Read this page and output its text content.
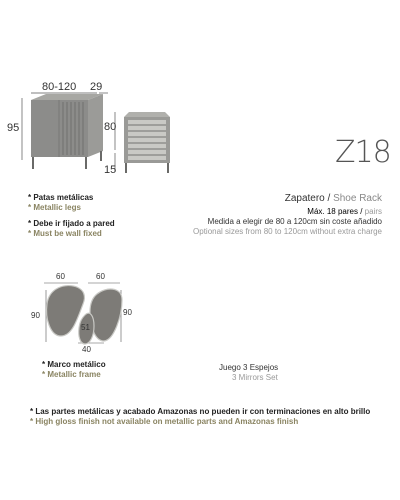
80-120 29
95	80
15	Z18
* Patas metálicas
* Metallic legs
* Debe ir fijado a pared
* Must be wall fixed
Zapatero / Shoe Rack
Máx. 18 pares / pairs
Medida a elegir de 80 a 120cm sin coste añadido
Optional sizes from 80 to 120cm without extra charge
60	60
90	90
51
40
* Marco metálico
* Metallic frame
Juego 3 Espejos
3 Mirrors Set
* Las partes metálicas y acabado Amazonas no pueden ir con terminaciones en alto brillo
* High gloss finish not available on metallic parts and Amazonas finish
